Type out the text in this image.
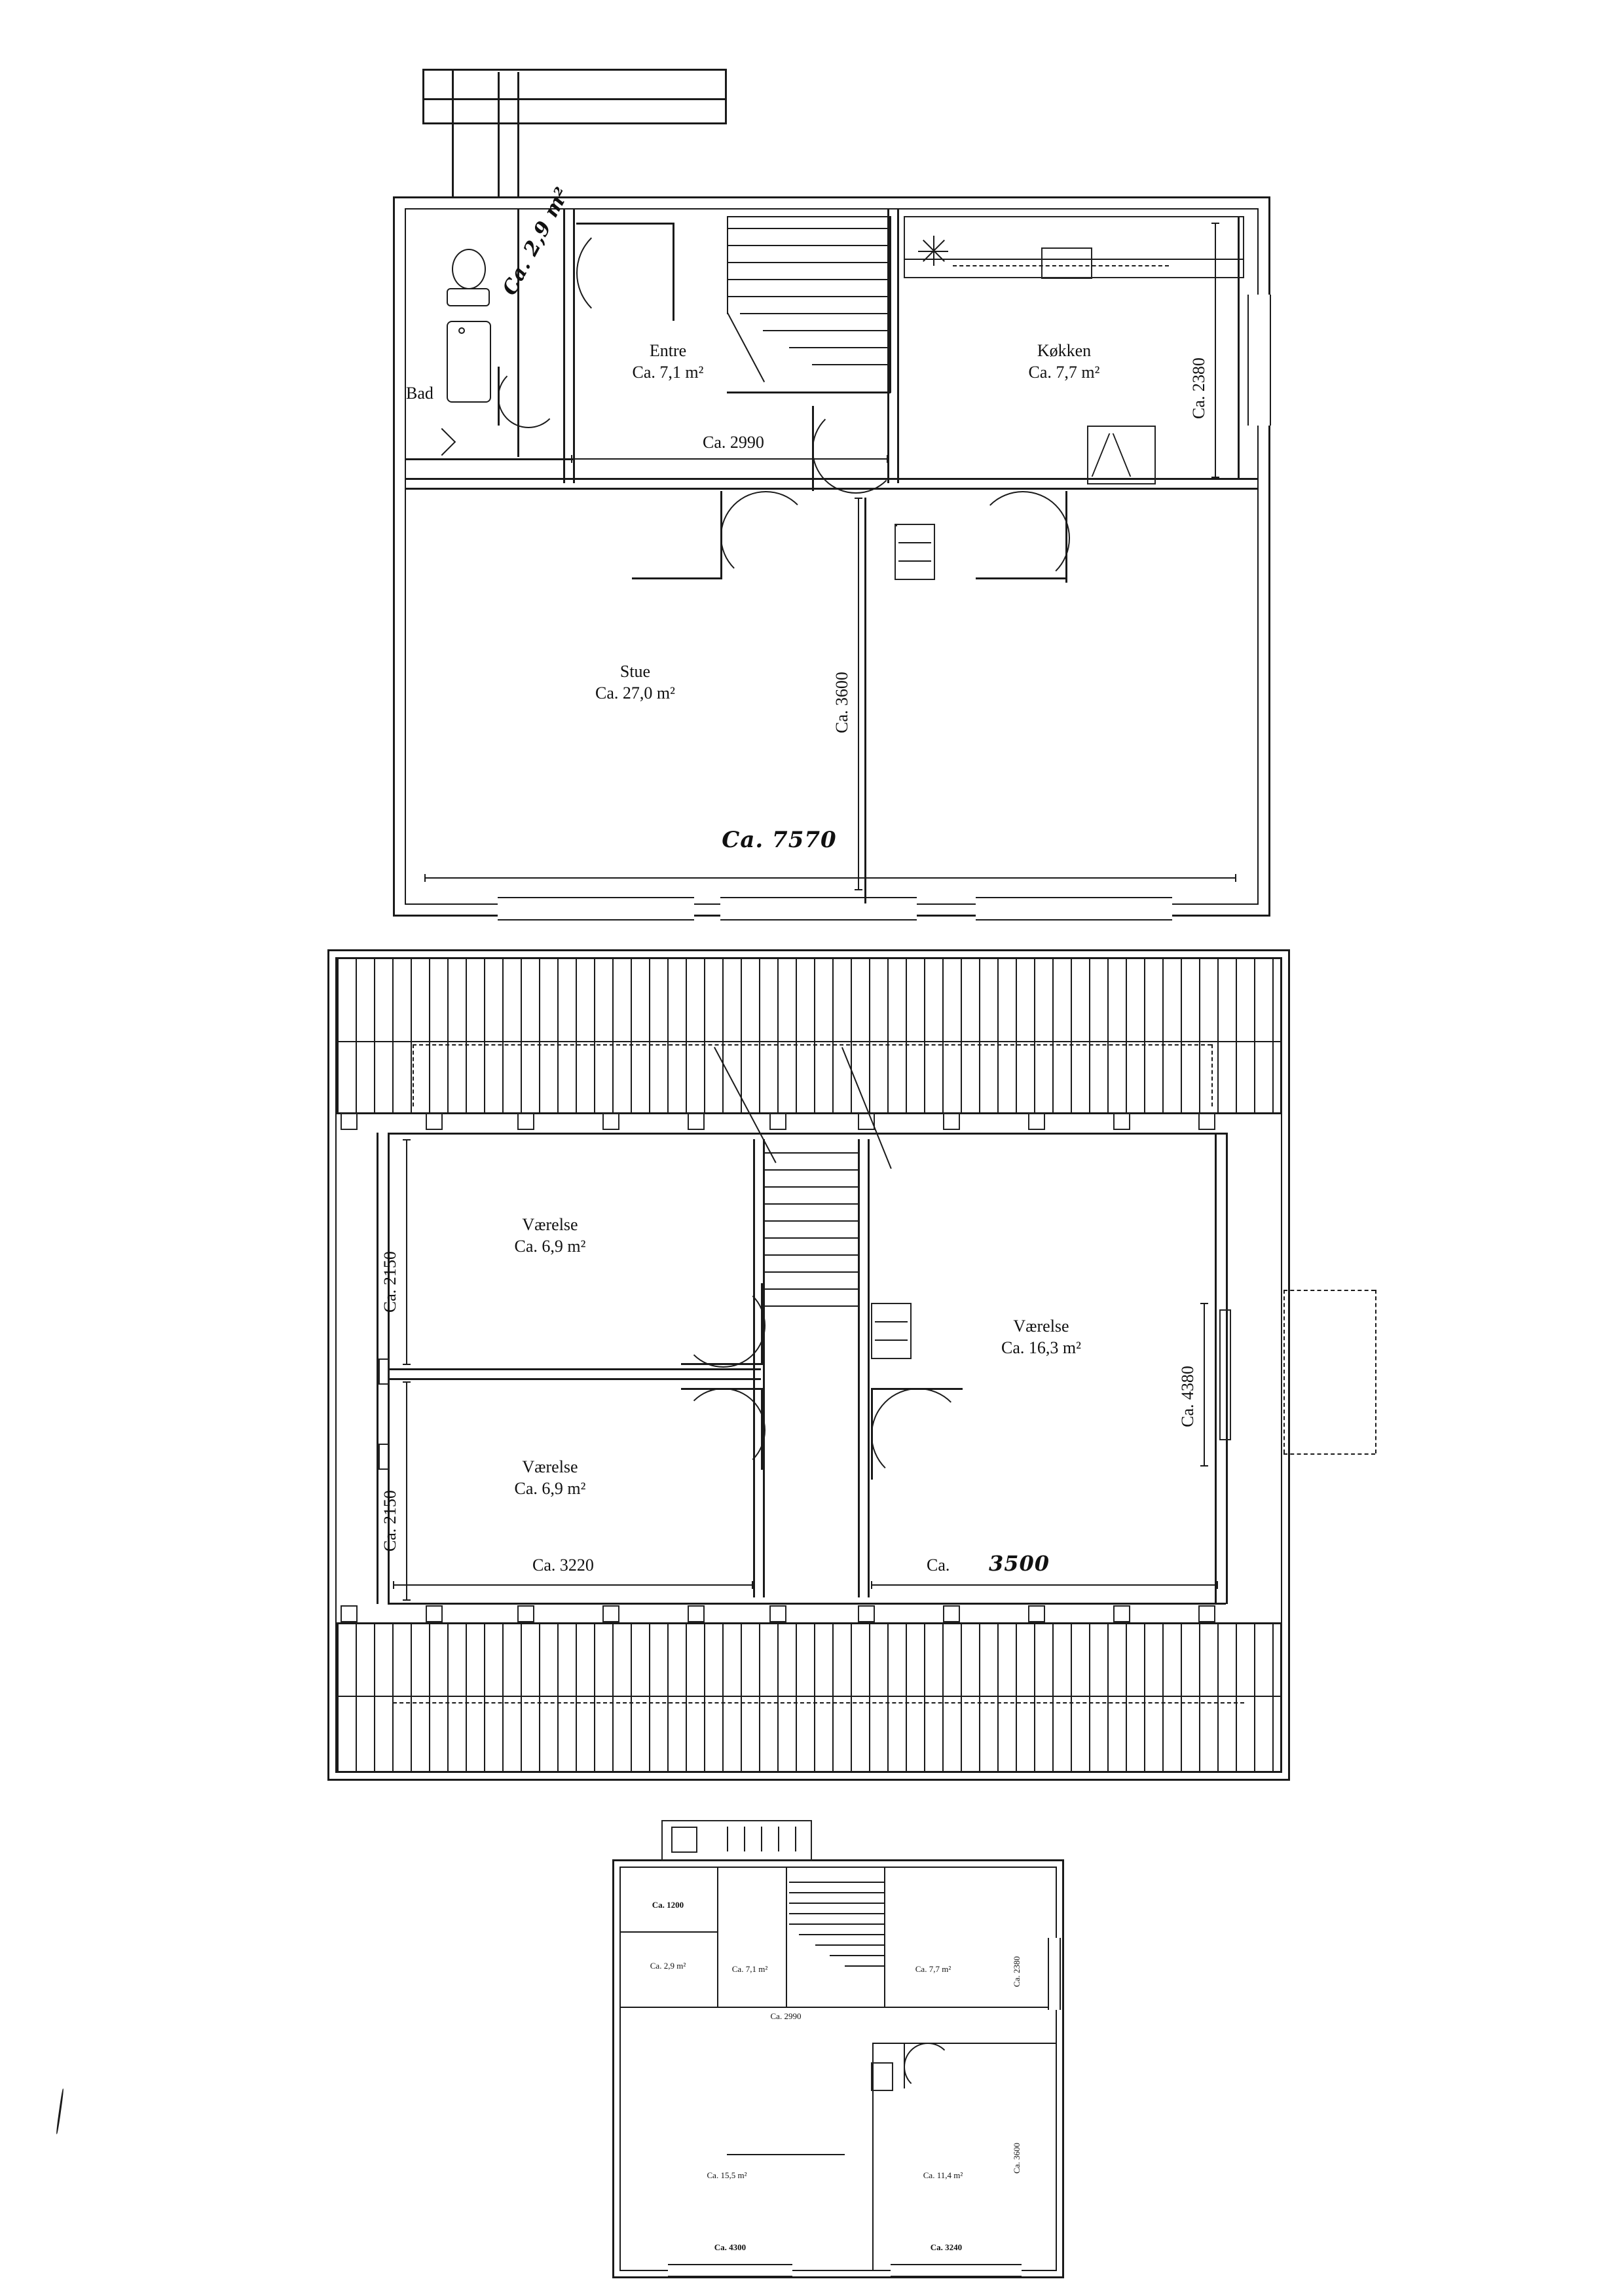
Entre
Ca. 7,1 m²
Køkken
Ca. 7,7 m²
Bad
Stue
Ca. 27,0 m²
Ca. 2990
Ca. 7570
Ca. 2380
Ca. 3600
Værelse
Ca. 6,9 m²
Værelse
Ca. 6,9 m²
Værelse
Ca. 16,3 m²
Ca. 2150
Ca. 2150
Ca. 4380
Ca. 3220	Ca.	3500
Ca. 1200
Ca. 2,9 m²	Ca. 7,1 m²
Ca. 2990
Ca. 7,7 m²	Ca. 2380
Ca. 3600
Ca. 15,5 m²	Ca. 11,4 m²
Ca. 4300	Ca. 3240
